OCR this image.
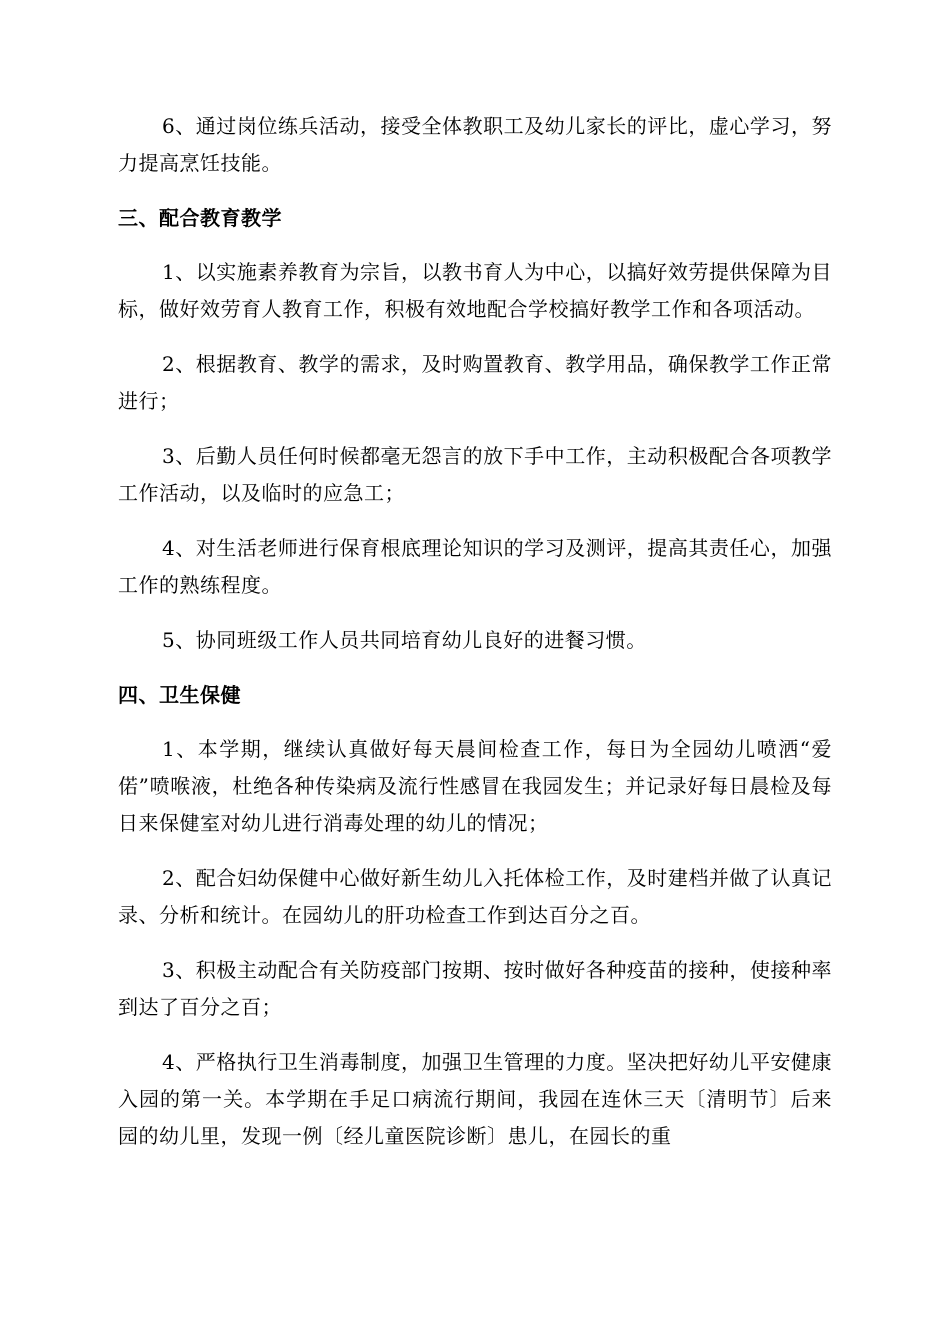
6、通过岗位练兵活动，接受全体教职工及幼儿家长的评比，虚心学习，努力提高烹饪技能。

三、配合教育教学

1、以实施素养教育为宗旨，以教书育人为中心，以搞好效劳提供保障为目标，做好效劳育人教育工作，积极有效地配合学校搞好教学工作和各项活动。

2、根据教育、教学的需求，及时购置教育、教学用品，确保教学工作正常进行；

3、后勤人员任何时候都毫无怨言的放下手中工作，主动积极配合各项教学工作活动，以及临时的应急工；

4、对生活老师进行保育根底理论知识的学习及测评，提高其责任心，加强工作的熟练程度。

5、协同班级工作人员共同培育幼儿良好的进餐习惯。

四、卫生保健

1、本学期，继续认真做好每天晨间检查工作，每日为全园幼儿喷洒“爱偌”喷喉液，杜绝各种传染病及流行性感冒在我园发生；并记录好每日晨检及每日来保健室对幼儿进行消毒处理的幼儿的情况；

2、配合妇幼保健中心做好新生幼儿入托体检工作，及时建档并做了认真记录、分析和统计。在园幼儿的肝功检查工作到达百分之百。

3、积极主动配合有关防疫部门按期、按时做好各种疫苗的接种，使接种率到达了百分之百；

4、严格执行卫生消毒制度，加强卫生管理的力度。坚决把好幼儿平安健康入园的第一关。本学期在手足口病流行期间，我园在连休三天〔清明节〕后来园的幼儿里，发现一例〔经儿童医院诊断〕患儿，在园长的重
